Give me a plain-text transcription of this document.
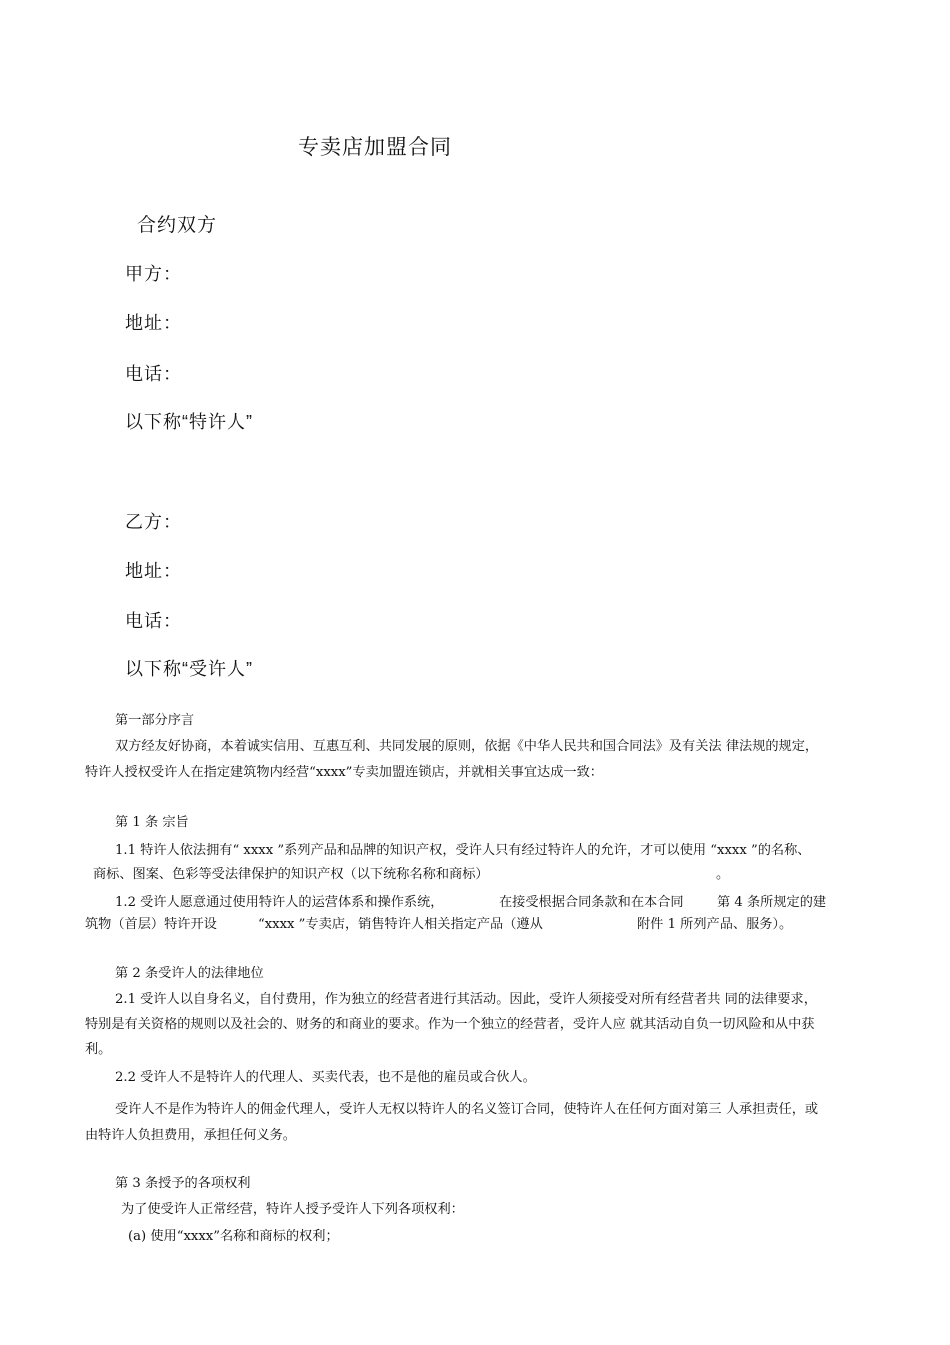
专卖店加盟合同
合约双方
甲方：
地址：
电话：
以下称“特许人”
乙方：
地址：
电话：
以下称“受许人”
第一部分序言
双方经友好协商，本着诚实信用、互惠互利、共同发展的原则，依据《中华人民共和国合同法》及有关法 律法规的规定，
特许人授权受许人在指定建筑物内经营“xxxx”专卖加盟连锁店，并就相关事宜达成一致：
第 1 条 宗旨
1.1 特许人依法拥有“ xxxx ”系列产品和品牌的知识产权，受许人只有经过特许人的允许，才可以使用 “xxxx ”的名称、
商标、图案、色彩等受法律保护的知识产权（以下统称名称和商标）	。
1.2 受许人愿意通过使用特许人的运营体系和操作系统，	在接受根据合同条款和在本合同	第 4 条所规定的建
筑物（首层）特许开设	“xxxx ”专卖店，销售特许人相关指定产品（遵从	附件 1 所列产品、服务）。
第 2 条受许人的法律地位
2.1 受许人以自身名义，自付费用，作为独立的经营者进行其活动。因此，受许人须接受对所有经营者共 同的法律要求，
特别是有关资格的规则以及社会的、财务的和商业的要求。作为一个独立的经营者，受许人应 就其活动自负一切风险和从中获
利。
2.2 受许人不是特许人的代理人、买卖代表，也不是他的雇员或合伙人。
受许人不是作为特许人的佣金代理人，受许人无权以特许人的名义签订合同，使特许人在任何方面对第三 人承担责任，或
由特许人负担费用，承担任何义务。
第 3 条授予的各项权利
为了使受许人正常经营，特许人授予受许人下列各项权利：
(a) 使用“xxxx”名称和商标的权利；
